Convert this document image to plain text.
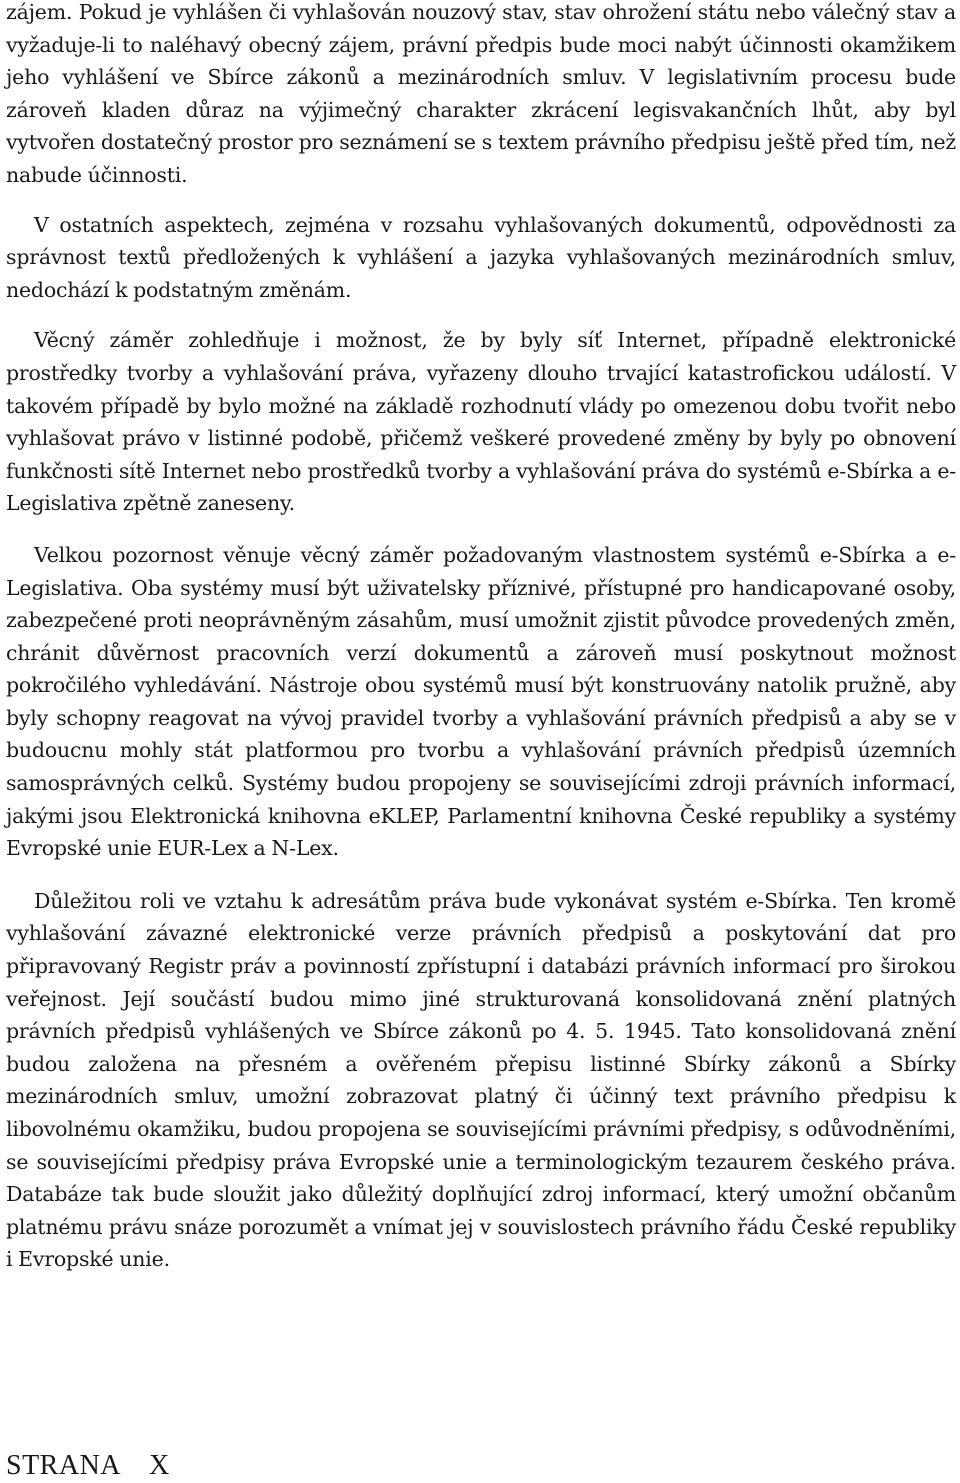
zájem. Pokud je vyhlášen či vyhlašován nouzový stav, stav ohrožení státu nebo válečný stav a vyžaduje-li to naléhavý obecný zájem, právní předpis bude moci nabýt účinnosti okamžikem jeho vyhlášení ve Sbírce zákonů a mezinárodních smluv. V legislativním procesu bude zároveň kladen důraz na výjimečný charakter zkrácení legisvakančních lhůt, aby byl vytvořen dostatečný prostor pro seznámení se s textem právního předpisu ještě před tím, než nabude účinnosti.

V ostatních aspektech, zejména v rozsahu vyhlašovaných dokumentů, odpovědnosti za správnost textů předložených k vyhlášení a jazyka vyhlašovaných mezinárodních smluv, nedochází k podstatným změnám.

Věcný záměr zohledňuje i možnost, že by byly síť Internet, případně elektronické prostředky tvorby a vyhlašování práva, vyřazeny dlouho trvající katastrofickou událostí. V takovém případě by bylo možné na základě rozhodnutí vlády po omezenou dobu tvořit nebo vyhlašovat právo v listinné podobě, přičemž veškeré provedené změny by byly po obnovení funkčnosti sítě Internet nebo prostředků tvorby a vyhlašování práva do systémů e-Sbírka a e-Legislativa zpětně zaneseny.

Velkou pozornost věnuje věcný záměr požadovaným vlastnostem systémů e-Sbírka a e-Legislativa. Oba systémy musí být uživatelsky příznivé, přístupné pro handicapované osoby, zabezpečené proti neoprávněným zásahům, musí umožnit zjistit původce provedených změn, chránit důvěrnost pracovních verzí dokumentů a zároveň musí poskytnout možnost pokročilého vyhledávání. Nástroje obou systémů musí být konstruovány natolik pružně, aby byly schopny reagovat na vývoj pravidel tvorby a vyhlašování právních předpisů a aby se v budoucnu mohly stát platformou pro tvorbu a vyhlašování právních předpisů územních samosprávných celků. Systémy budou propojeny se souvisejícími zdroji právních informací, jakými jsou Elektronická knihovna eKLEP, Parlamentní knihovna České republiky a systémy Evropské unie EUR-Lex a N-Lex.

Důležitou roli ve vztahu k adresátům práva bude vykonávat systém e-Sbírka. Ten kromě vyhlašování závazné elektronické verze právních předpisů a poskytování dat pro připravovaný Registr práv a povinností zpřístupní i databázi právních informací pro širokou veřejnost. Její součástí budou mimo jiné strukturovaná konsolidovaná znění platných právních předpisů vyhlášených ve Sbírce zákonů po 4. 5. 1945. Tato konsolidovaná znění budou založena na přesném a ověřeném přepisu listinné Sbírky zákonů a Sbírky mezinárodních smluv, umožní zobrazovat platný či účinný text právního předpisu k libovolnému okamžiku, budou propojena se souvisejícími právními předpisy, s odůvodněními, se souvisejícími předpisy práva Evropské unie a terminologickým tezaurem českého práva. Databáze tak bude sloužit jako důležitý doplňující zdroj informací, který umožní občanům platnému právu snáze porozumět a vnímat jej v souvislostech právního řádu České republiky i Evropské unie.

STRANA X
